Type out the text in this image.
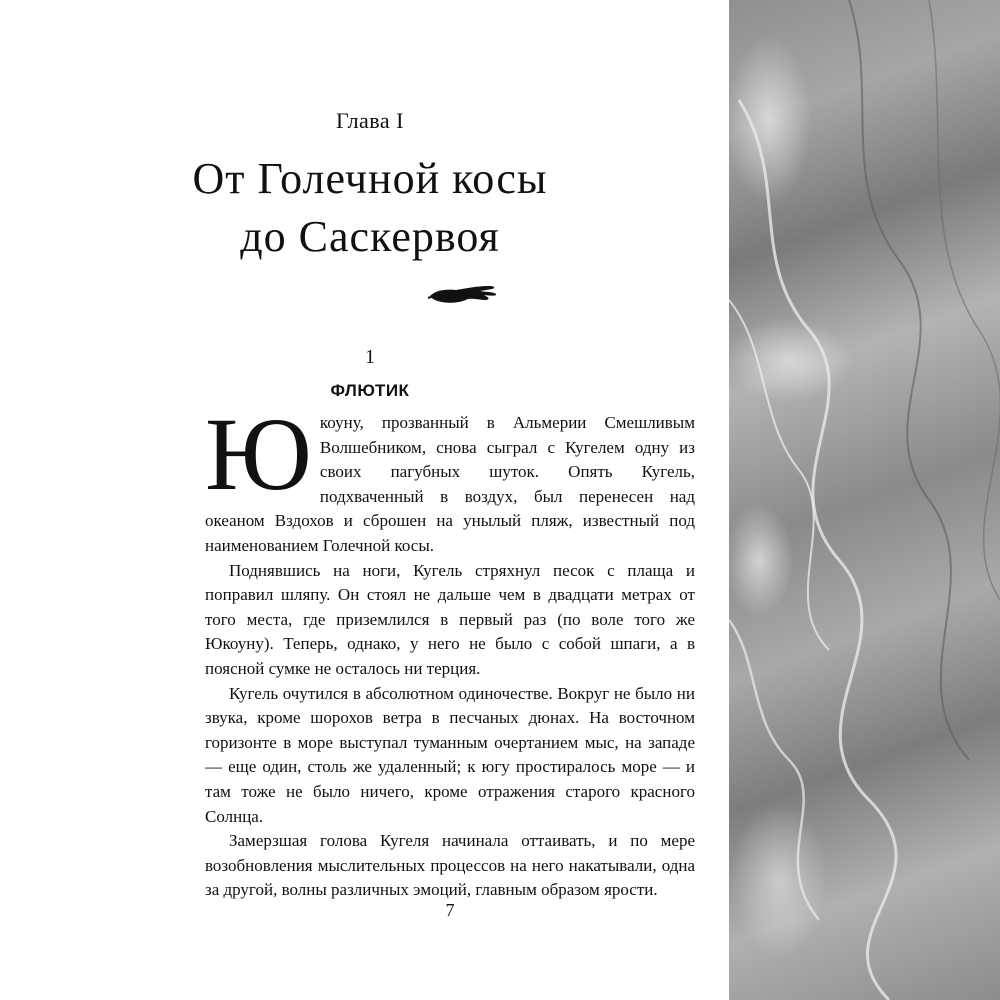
Глава I
От Голечной косы
до Саскервоя
1
ФЛЮТИК

Юкоуну, прозванный в Альмерии Смешливым Волшебником, снова сыграл с Кугелем одну из своих пагубных шуток. Опять Кугель, подхваченный в воздух, был перенесен над океаном Вздохов и сброшен на унылый пляж, известный под наименованием Голечной косы.

Поднявшись на ноги, Кугель стряхнул песок с плаща и поправил шляпу. Он стоял не дальше чем в двадцати метрах от того места, где приземлился в первый раз (по воле того же Юкоуну). Теперь, однако, у него не было с собой шпаги, а в поясной сумке не осталось ни терция.

Кугель очутился в абсолютном одиночестве. Вокруг не было ни звука, кроме шорохов ветра в песчаных дюнах. На восточном горизонте в море выступал туманным очертанием мыс, на западе — еще один, столь же удаленный; к югу простиралось море — и там тоже не было ничего, кроме отражения старого красного Солнца.

Замерзшая голова Кугеля начинала оттаивать, и по мере возобновления мыслительных процессов на него накатывали, одна за другой, волны различных эмоций, главным образом ярости.

7
